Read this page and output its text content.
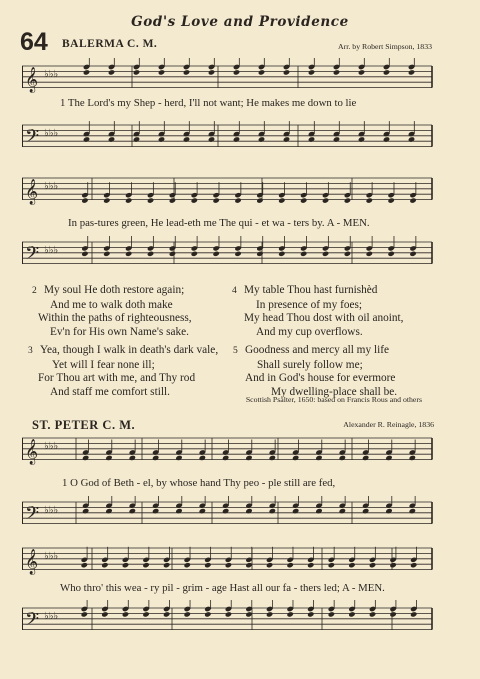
God's Love and Providence
64 BALERMA C. M.	Arr. by Robert Simpson, 1833
𝄞 ♭♭♭
1 The Lord's my Shep - herd, I'll not want; He makes me down to lie
𝄢 ♭♭♭
𝄞 ♭♭♭
In pas-tures green, He lead-eth me The qui - et wa - ters by. A - MEN.
𝄢 ♭♭♭
2 My soul He doth restore again;
And me to walk doth make
Within the paths of righteousness,
Ev'n for His own Name's sake.
4 My table Thou hast furnishèd
In presence of my foes;
My head Thou dost with oil anoint,
And my cup overflows.
3 Yea, though I walk in death's dark vale,
Yet will I fear none ill;
For Thou art with me, and Thy rod
And staff me comfort still.
5 Goodness and mercy all my life
Shall surely follow me;
And in God's house for evermore
My dwelling-place shall be.
Scottish Psalter, 1650: based on Francis Rous and others
ST. PETER C. M.	Alexander R. Reinagle, 1836
𝄞 ♭♭♭
1 O God of Beth - el, by whose hand Thy peo - ple still are fed,
𝄢 ♭♭♭
𝄞 ♭♭♭
Who thro' this wea - ry pil - grim - age Hast all our fa - thers led; A - MEN.
𝄢 ♭♭♭
